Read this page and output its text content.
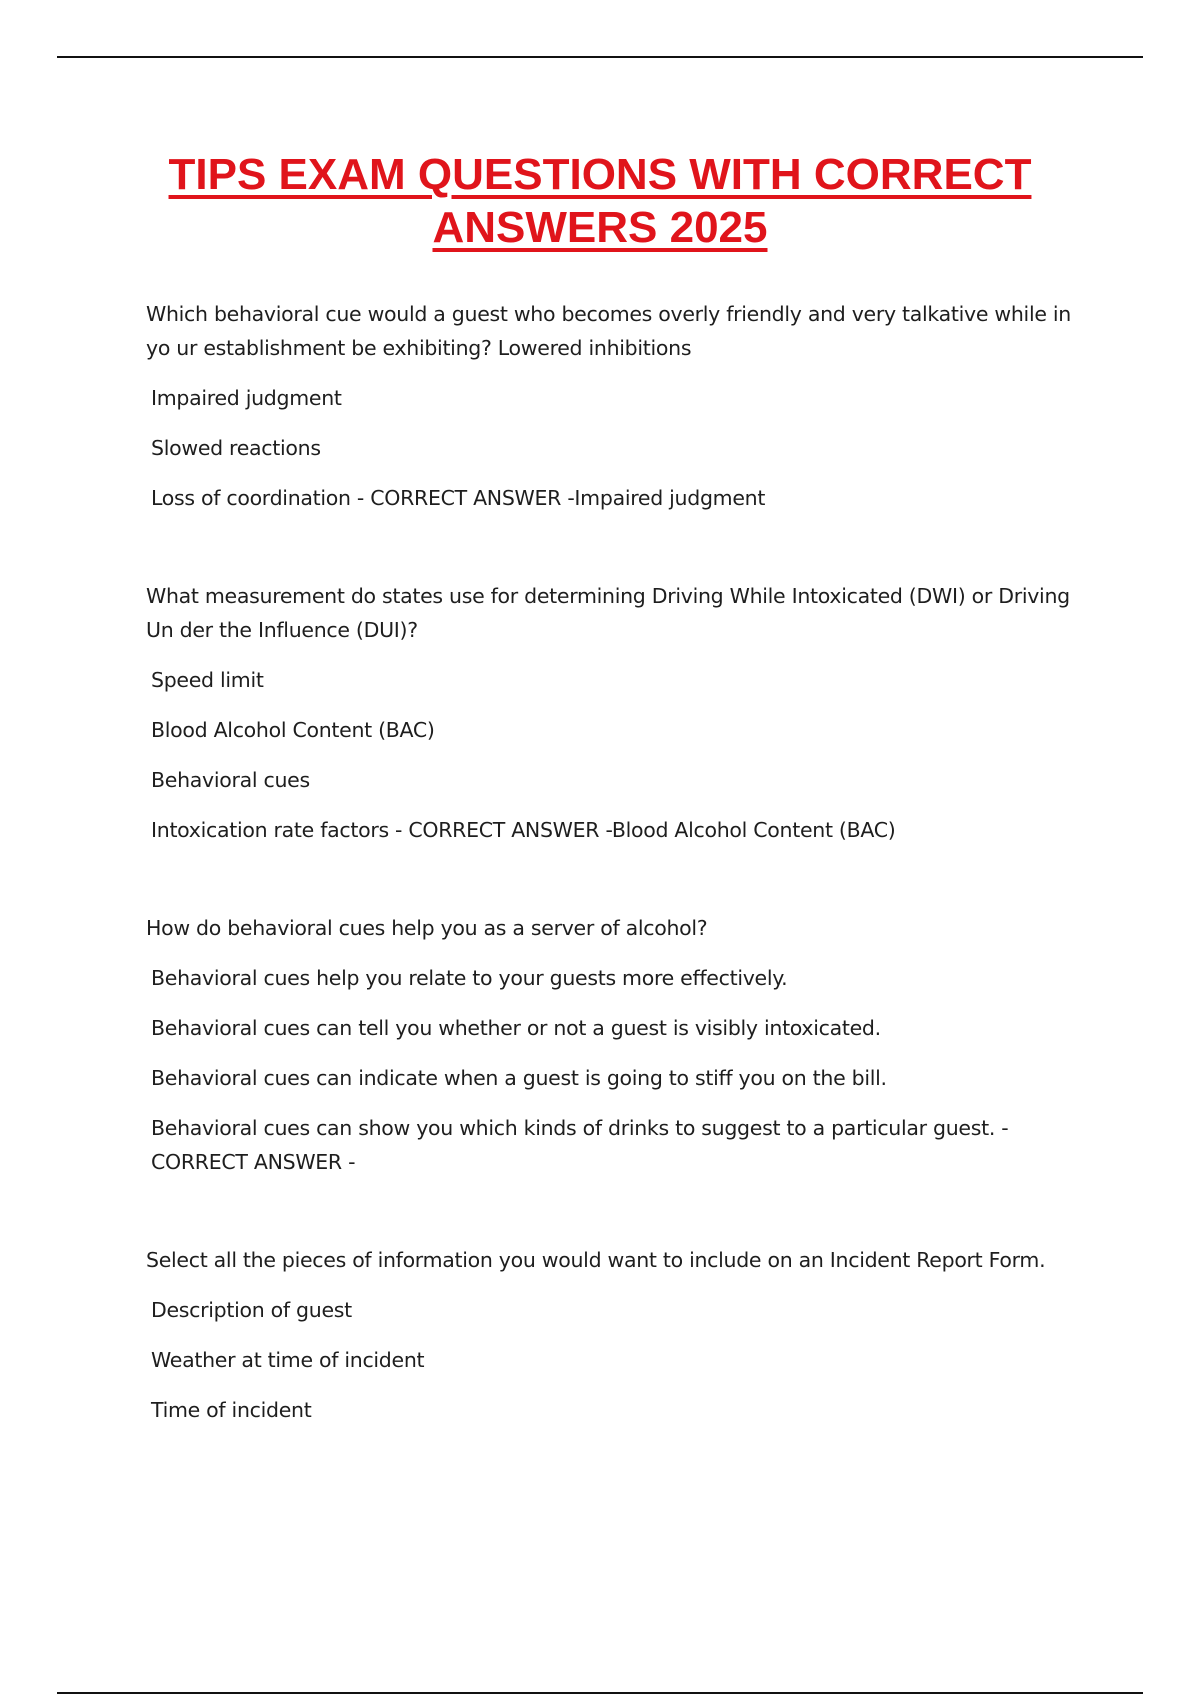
TIPS EXAM QUESTIONS WITH CORRECT
ANSWERS 2025
Which behavioral cue would a guest who becomes overly friendly and very talkative while in yo ur establishment be exhibiting? Lowered inhibitions
Impaired judgment
Slowed reactions
Loss of coordination - CORRECT ANSWER -Impaired judgment
What measurement do states use for determining Driving While Intoxicated (DWI) or Driving Un der the Influence (DUI)?
Speed limit
Blood Alcohol Content (BAC)
Behavioral cues
Intoxication rate factors - CORRECT ANSWER -Blood Alcohol Content (BAC)
How do behavioral cues help you as a server of alcohol?
Behavioral cues help you relate to your guests more effectively.
Behavioral cues can tell you whether or not a guest is visibly intoxicated.
Behavioral cues can indicate when a guest is going to stiff you on the bill.
Behavioral cues can show you which kinds of drinks to suggest to a particular guest. - CORRECT ANSWER -
Select all the pieces of information you would want to include on an Incident Report Form.
Description of guest
Weather at time of incident
Time of incident
